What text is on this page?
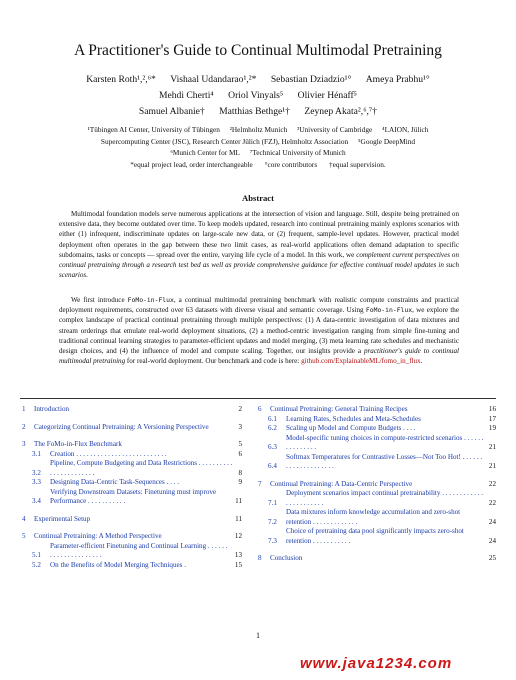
A Practitioner's Guide to Continual Multimodal Pretraining
Karsten Roth¹,²,⁶* Vishaal Udandarao¹,²* Sebastian Dziadzio¹° Ameya Prabhu¹°
Mehdi Cherti⁴ Oriol Vinyals⁵ Olivier Hénaff⁵
Samuel Albanie† Matthias Bethge¹† Zeynep Akata²,⁶,⁷†
¹Tübingen AI Center, University of Tübingen ²Helmholtz Munich ³University of Cambridge ⁴LAION, Jülich
Supercomputing Center (JSC), Research Center Jülich (FZJ), Helmholtz Association ⁵Google DeepMind
⁶Munich Center for ML ⁷Technical University of Munich
*equal project lead, order interchangeable °core contributors †equal supervision.
Abstract

Multimodal foundation models serve numerous applications at the intersection of vision and language. Still, despite being pretrained on extensive data, they become outdated over time. To keep models updated, research into continual pretraining mainly explores scenarios with either (1) infrequent, indiscriminate updates on large-scale new data, or (2) frequent, sample-level updates. However, practical model deployment often operates in the gap between these two limit cases, as real-world applications often demand adaptation to specific subdomains, tasks or concepts — spread over the entire, varying life cycle of a model. In this work, we complement current perspectives on continual pretraining through a research test bed as well as provide comprehensive guidance for effective continual model updates in such scenarios.

We first introduce FoMo-in-Flux, a continual multimodal pretraining benchmark with realistic compute constraints and practical deployment requirements, constructed over 63 datasets with diverse visual and semantic coverage. Using FoMo-in-Flux, we explore the complex landscape of practical continual pretraining through multiple perspectives: (1) A data-centric investigation of data mixtures and stream orderings that emulate real-world deployment situations, (2) a method-centric investigation ranging from simple fine-tuning and traditional continual learning strategies to parameter-efficient updates and model merging, (3) meta learning rate schedules and mechanistic design choices, and (4) the influence of model and compute scaling. Together, our insights provide a practitioner's guide to continual multimodal pretraining for real-world deployment. Our benchmark and code is here: github.com/ExplainableML/fomo_in_flux.

1	Introduction	2
2	Categorizing Continual Pretraining: A Versioning Perspective	3
3	The FoMo-in-Flux Benchmark	5
3.1	Creation . . . . . . . . . . . . . . . . . . . . . . . . . .	6
3.2
Pipeline, Compute Budgeting and Data Restrictions . . . . . . . . . . . . . . . . . . . . . . .	8
3.3	Designing Data-Centric Task-Sequences . . . .	9
3.4
Verifying Downstream Datasets: Finetuning must improve Performance . . . . . . . . . . .	11
4	Experimental Setup	11
5	Continual Pretraining: A Method Perspective	12
5.1
Parameter-efficient Finetuning and Continual Learning . . . . . . . . . . . . . . . . . . . . .	13
5.2	On the Benefits of Model Merging Techniques .	15
6	Continual Pretraining: General Training Recipes	16
6.1	Learning Rates, Schedules and Meta-Schedules	17
6.2	Scaling up Model and Compute Budgets . . . .	19
6.3
Model-specific tuning choices in compute-restricted scenarios . . . . . . . . . . . . . . .	21
6.4
Softmax Temperatures for Contrastive Losses—Not Too Hot! . . . . . . . . . . . . . . . . . . . .	21
7	Continual Pretraining: A Data-Centric Perspective	22
7.1
Deployment scenarios impact continual pretrainability . . . . . . . . . . . . . . . . . . . . . . .	22
7.2
Data mixtures inform knowledge accumulation and zero-shot retention . . . . . . . . . . . . .	24
7.3
Choice of pretraining data pool significantly impacts zero-shot retention . . . . . . . . . . .	24
8	Conclusion	25
1
www.java1234.com
